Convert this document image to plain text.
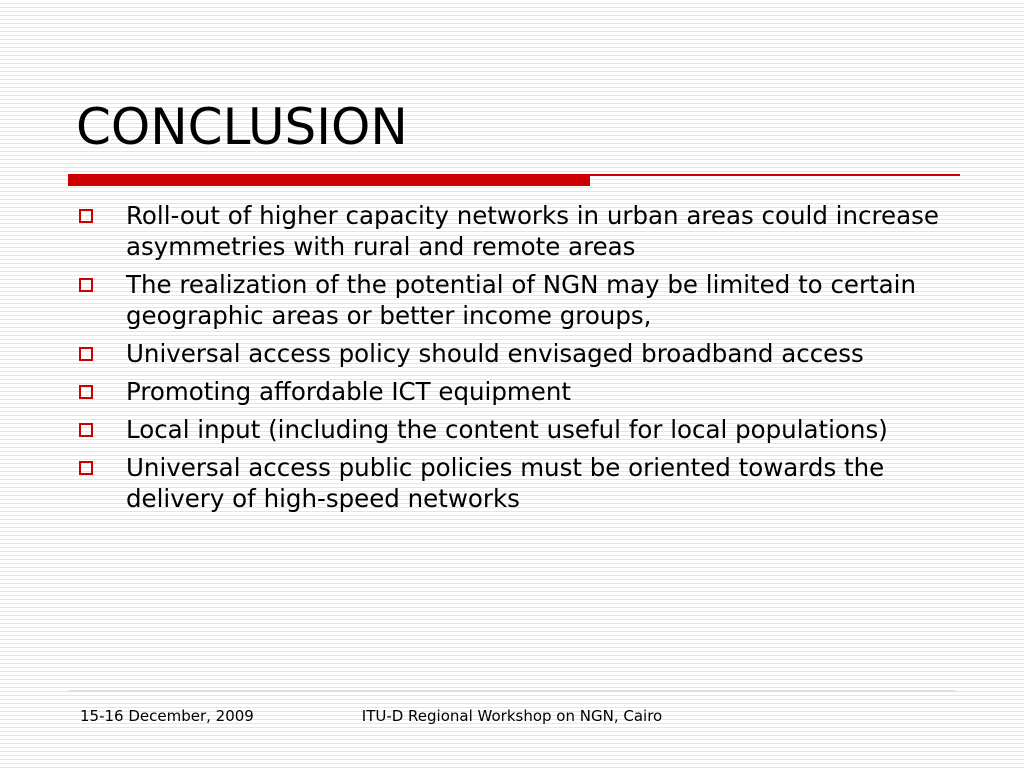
CONCLUSION
Roll-out of higher capacity networks in urban areas could increase asymmetries with rural and remote areas
The realization of the potential of NGN may be limited to certain geographic areas or better income groups,
Universal access policy should envisaged broadband access
Promoting affordable ICT equipment
Local input (including the content useful for local populations)
Universal access public policies must be oriented towards the delivery of high-speed networks
15-16 December, 2009	ITU-D Regional Workshop on NGN, Cairo
